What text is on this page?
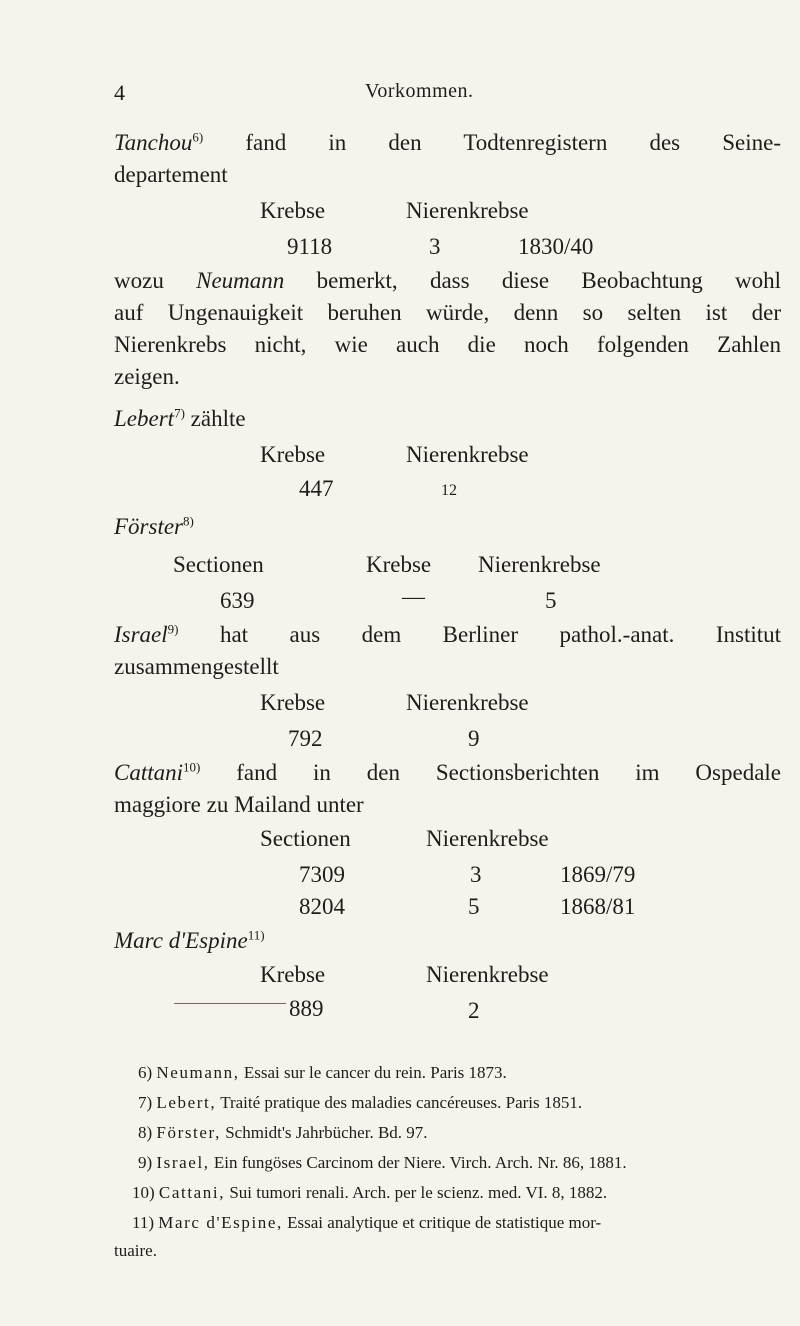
4	Vorkommen.
Tanchou$^{6)}$ fand in den Todtenregistern des Seine-
departement
Krebse	Nierenkrebse
9118	3	1830/40
wozu Neumann bemerkt, dass diese Beobachtung wohl
auf Ungenauigkeit beruhen würde, denn so selten ist der
Nierenkrebs nicht, wie auch die noch folgenden Zahlen
zeigen.
Lebert$^{7)}$ zählte
Krebse	Nierenkrebse
447	12
Förster$^{8)}$
Sectionen	Krebse Nierenkrebse
639	—	5
Israel$^{9)}$ hat aus dem Berliner pathol.-anat. Institut
zusammengestellt
Krebse	Nierenkrebse
792	9
Cattani$^{10)}$ fand in den Sectionsberichten im Ospedale
maggiore zu Mailand unter
Sectionen	Nierenkrebse
7309	3	1869/79
8204	5	1868/81
Marc d'Espine$^{11)}$
Krebse	Nierenkrebse
889	2
6) Neumann, Essai sur le cancer du rein. Paris 1873.
7) Lebert, Traité pratique des maladies cancéreuses. Paris 1851.
8) Förster, Schmidt's Jahrbücher. Bd. 97.
9) Israel, Ein fungöses Carcinom der Niere. Virch. Arch. Nr. 86, 1881.
10) Cattani, Sui tumori renali. Arch. per le scienz. med. VI. 8, 1882.
11) Marc d'Espine, Essai analytique et critique de statistique mor-
tuaire.
